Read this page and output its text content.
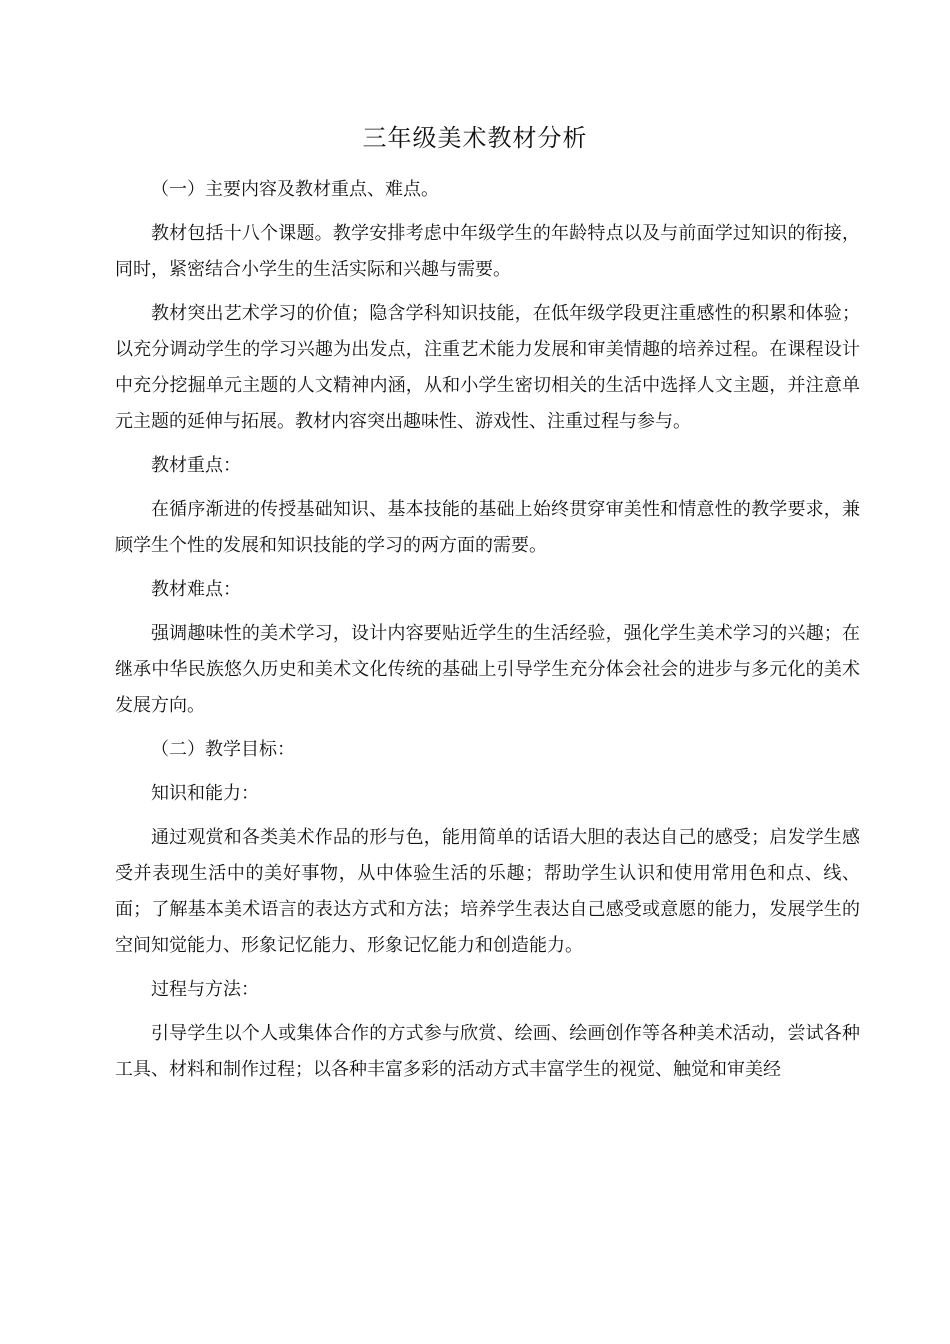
三年级美术教材分析

（一）主要内容及教材重点、难点。

教材包括十八个课题。教学安排考虑中年级学生的年龄特点以及与前面学过知识的衔接，同时，紧密结合小学生的生活实际和兴趣与需要。

教材突出艺术学习的价值；隐含学科知识技能，在低年级学段更注重感性的积累和体验；以充分调动学生的学习兴趣为出发点，注重艺术能力发展和审美情趣的培养过程。在课程设计中充分挖掘单元主题的人文精神内涵，从和小学生密切相关的生活中选择人文主题，并注意单元主题的延伸与拓展。教材内容突出趣味性、游戏性、注重过程与参与。

教材重点：

在循序渐进的传授基础知识、基本技能的基础上始终贯穿审美性和情意性的教学要求，兼顾学生个性的发展和知识技能的学习的两方面的需要。

教材难点：

强调趣味性的美术学习，设计内容要贴近学生的生活经验，强化学生美术学习的兴趣；在继承中华民族悠久历史和美术文化传统的基础上引导学生充分体会社会的进步与多元化的美术发展方向。

（二）教学目标：

知识和能力：

通过观赏和各类美术作品的形与色，能用简单的话语大胆的表达自己的感受；启发学生感受并表现生活中的美好事物，从中体验生活的乐趣；帮助学生认识和使用常用色和点、线、面；了解基本美术语言的表达方式和方法；培养学生表达自己感受或意愿的能力，发展学生的空间知觉能力、形象记忆能力、形象记忆能力和创造能力。

过程与方法：

引导学生以个人或集体合作的方式参与欣赏、绘画、绘画创作等各种美术活动，尝试各种工具、材料和制作过程；以各种丰富多彩的活动方式丰富学生的视觉、触觉和审美经
